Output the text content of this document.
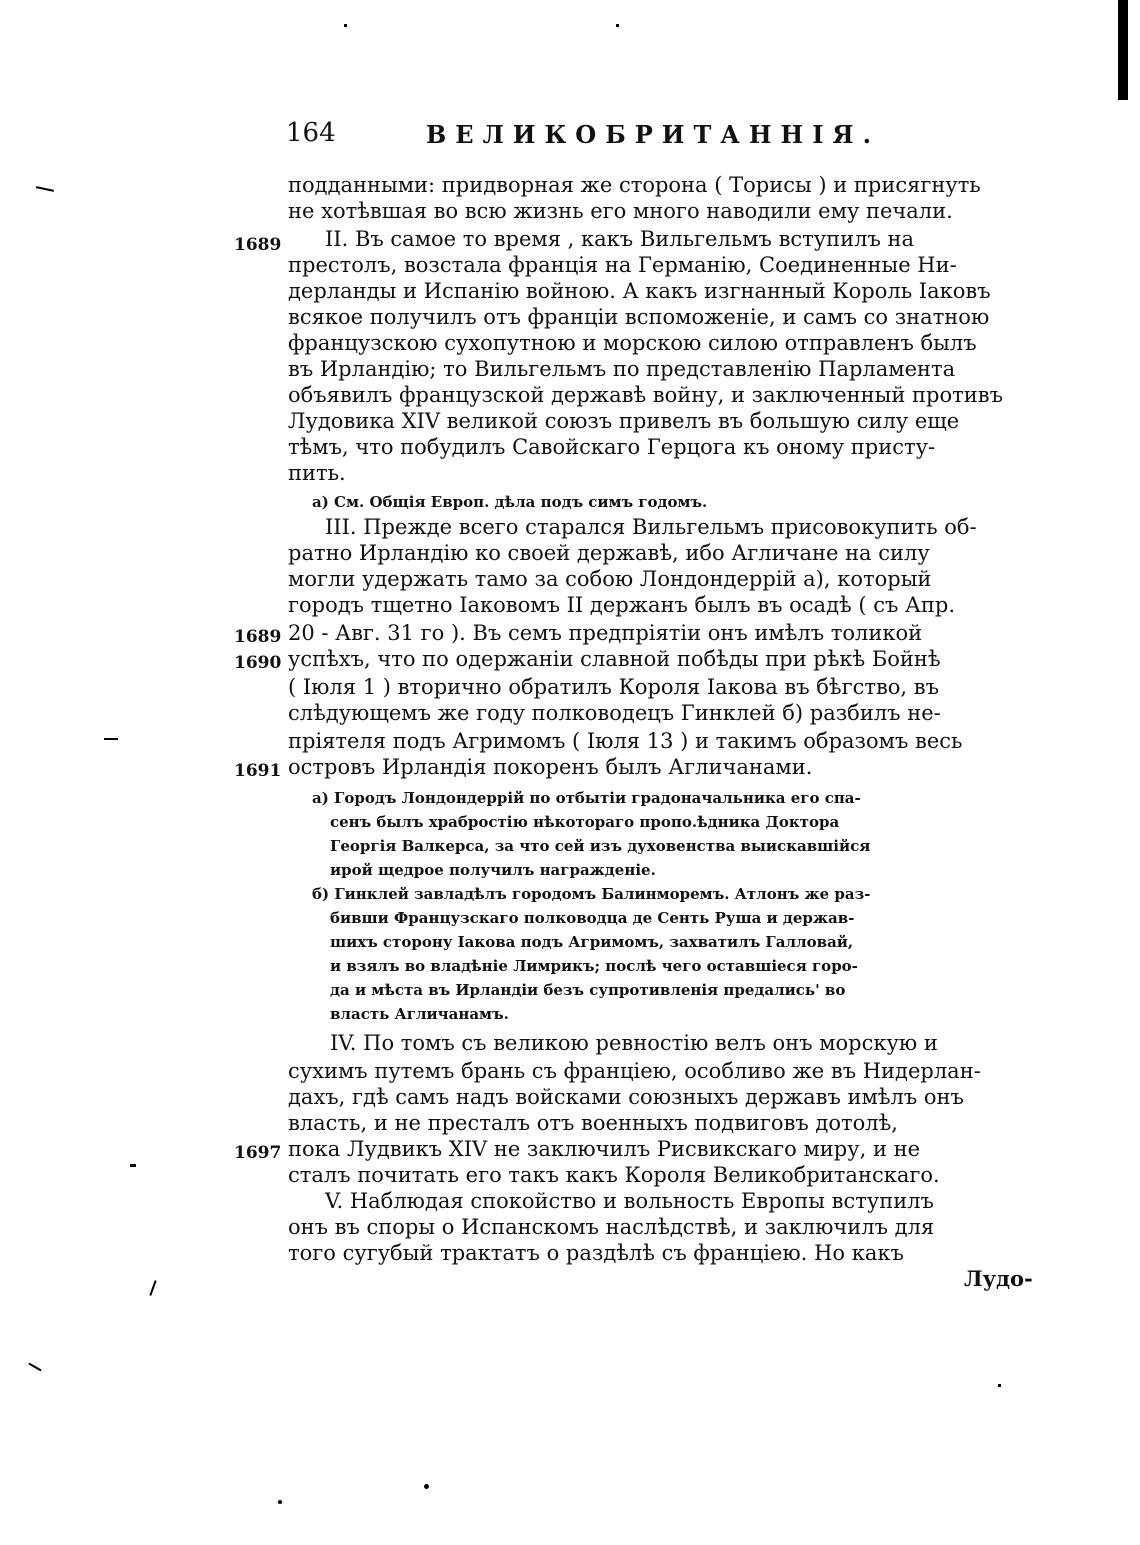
164	ВЕЛИКОБРИТАННІЯ.
подданными: придворная же сторона ( Торисы ) и присягнуть
не хотѣвшая во всю жизнь его много наводили ему печали.
II. Въ самое то время , какъ Вильгельмъ вступилъ на
престолъ, возстала франція на Германію, Соединенные Ни-
дерланды и Испанію войною. А какъ изгнанный Король Іаковъ
всякое получилъ отъ франціи вспоможеніе, и самъ со знатною
французскою сухопутною и морскою силою отправленъ былъ
въ Ирландію; то Вильгельмъ по представленію Парламента
объявилъ французской державѣ войну, и заключенный противъ
Лудовика XIV великой союзъ привелъ въ большую силу еще
тѣмъ, что побудилъ Савойскаго Герцога къ оному присту-
пить.
а) См. Общія Европ. дѣла подъ симъ годомъ.
III. Прежде всего старался Вильгельмъ присовокупить об-
ратно Ирландію ко своей державѣ, ибо Агличане на силу
могли удержать тамо за собою Лондондеррій а), который
городъ тщетно Іаковомъ II держанъ былъ въ осадѣ ( съ Апр.
20 - Авг. 31 го ). Въ семъ предпріятіи онъ имѣлъ толикой
успѣхъ, что по одержаніи славной побѣды при рѣкѣ Бойнѣ
( Іюля 1 ) вторично обратилъ Короля Іакова въ бѣгство, въ
слѣдующемъ же году полководецъ Гинклей б) разбилъ не-
пріятеля подъ Агримомъ ( Іюля 13 ) и такимъ образомъ весь
островъ Ирландія покоренъ былъ Агличанами.
а) Городъ Лондондеррій по отбытіи градоначальника его спа-
сенъ былъ храбростію нѣкотораго пропо.ѣдника Доктора
Георгія Валкерса, за что сей изъ духовенства выискавшійся
ирой щедрое получилъ награжденіе.
б) Гинклей завладѣлъ городомъ Балинморемъ. Атлонъ же раз-
бивши Французскаго полководца де Сенть Руша и держав-
шихъ сторону Іакова подъ Агримомъ, захватилъ Галловай,
и взялъ во владѣніе Лимрикъ; послѣ чего оставшіеся горо-
да и мѣста въ Ирландіи безъ супротивленія предались' во
власть Агличанамъ.
IV. По томъ съ великою ревностію велъ онъ морскую и
сухимъ путемъ брань съ франціею, особливо же въ Нидерлан-
дахъ, гдѣ самъ надъ войсками союзныхъ державъ имѣлъ онъ
власть, и не престалъ отъ военныхъ подвиговъ дотолѣ,
пока Лудвикъ XIV не заключилъ Рисвикскаго миру, и не
сталъ почитать его такъ какъ Короля Великобританскаго.
V. Наблюдая спокойство и вольность Европы вступилъ
онъ въ споры о Испанскомъ наслѣдствѣ, и заключилъ для
того сугубый трактатъ о раздѣлѣ съ франціею. Но какъ
Лудо-
1689
1689
1690
1691
1697
